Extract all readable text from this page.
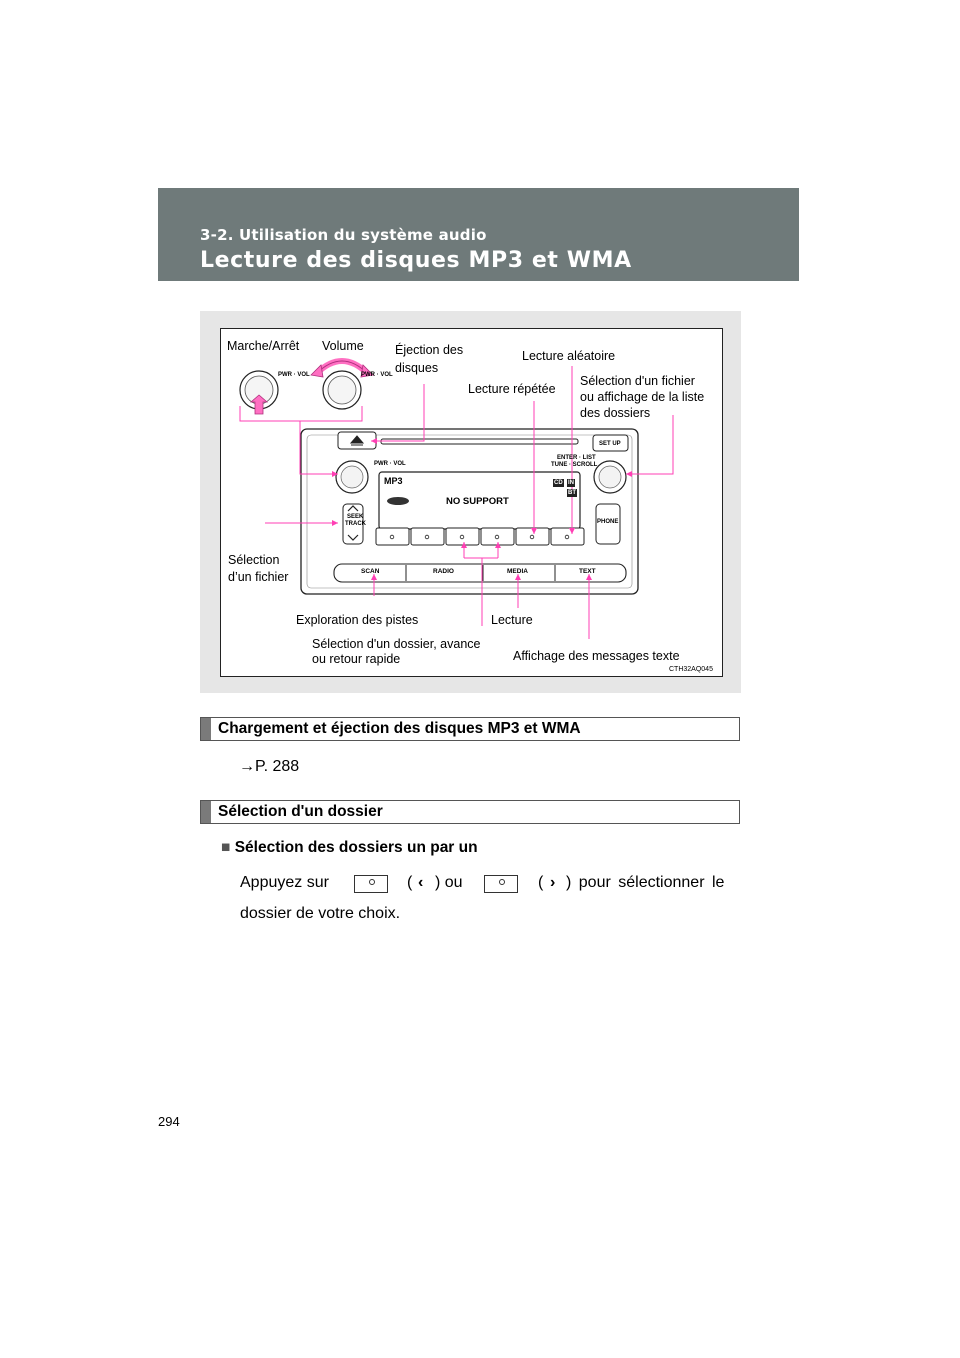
3-2. Utilisation du système audio
Lecture des disques MP3 et WMA
PWR · VOL	PWR · VOL
PWR · VOL
SET UP
ENTER · LIST
TUNE · SCROLL
MP3
NO SUPPORT
CD IN
BT
SEEK
TRACK	PHONE
SCAN	RADIO	MEDIA	TEXT
Marche/Arrêt Volume	Éjection des
disques
Lecture aléatoire
Lecture répétée
Sélection d'un fichier
ou affichage de la liste
des dossiers
Sélection
d’un fichier
Exploration des pistes	Lecture
Sélection d'un dossier, avance
ou retour rapide	Affichage des messages texte
CTH32AQ045
Chargement et éjection des disques MP3 et WMA
→P. 288
Sélection d'un dossier
■ Sélection des dossiers un par un
Appuyez sur	( ‹ ) ou	( › ) pour sélectionner le
dossier de votre choix.
294
